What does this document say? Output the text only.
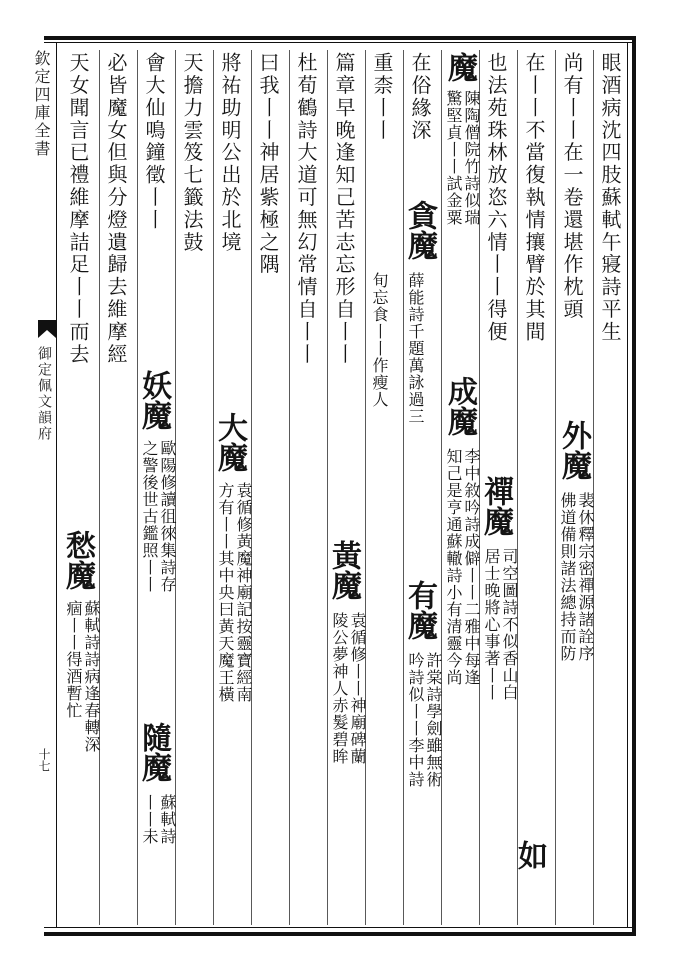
欽定四庫全書
御定佩文韻府
十七
眼酒病沈四肢蘇軾午寢詩平生
尚有丨丨在一卷還堪作枕頭
外魔
裴休釋宗密禪源諸詮序
佛道備則諸法總持而防
在丨丨不當復執情攘臂於其間
如
也法苑珠林放恣六情丨丨得便
禪魔
司空圖詩不似香山白
居士晚將心事著丨丨
魔
陳陶僧院竹詩似瑞
驚堅貞丨丨試金粟
成魔
李中敘吟詩成僻丨丨二雅中每逢
知己是亨通蘇轍詩小有清靈今尚
在俗緣深
貪魔
薛能詩千題萬詠過三
有魔
許棠詩學劍雖無術
吟詩似丨丨李中詩
重柰丨丨
旬忘食丨丨作瘦人
篇章早晚逢知己苦志忘形自丨丨
黃魔
袁循修丨丨神廟碑蘭
陵公夢神人赤髮碧眸
杜荀鶴詩大道可無幻常情自丨丨
曰我丨丨神居紫極之隅
大魔
袁循修黃魔神廟記按靈寶經南
方有丨丨其中央曰黃天魔王橫
將祐助明公出於北境
天擔力雲笈七籤法鼓
妖魔
歐陽修讀徂徠集詩存
之警後世古鑑照丨丨
會大仙鳴鐘徵丨丨
隨魔
蘇軾詩
丨丨未
必皆魔女但與分燈遺歸去維摩經
愁魔
蘇軾詩詩病逢春轉深
痼丨丨得酒暫忙
天女聞言已禮維摩詰足丨丨而去
